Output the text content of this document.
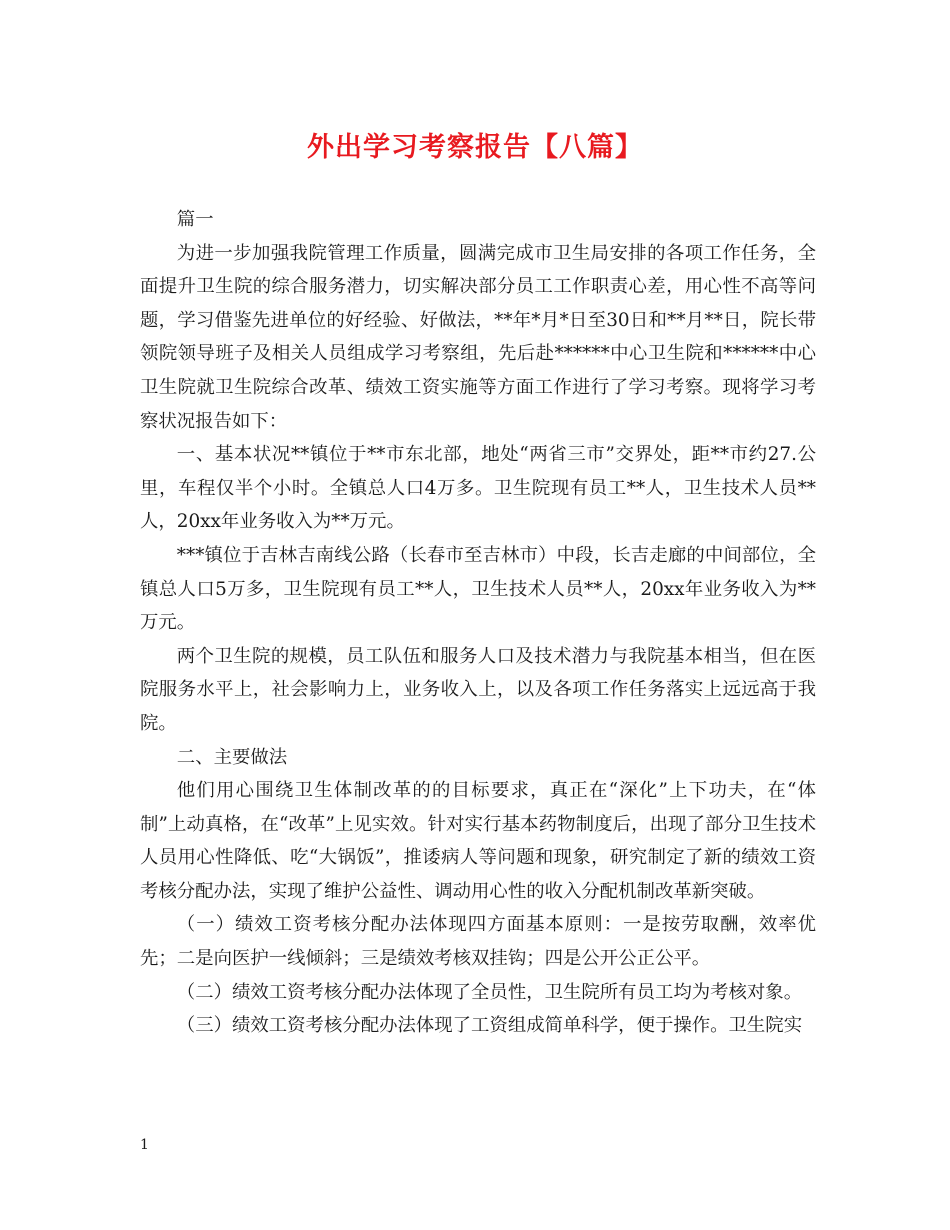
外出学习考察报告【八篇】

篇一

为进一步加强我院管理工作质量，圆满完成市卫生局安排的各项工作任务，全面提升卫生院的综合服务潜力，切实解决部分员工工作职责心差，用心性不高等问题，学习借鉴先进单位的好经验、好做法，**年*月*日至30日和**月**日，院长带领院领导班子及相关人员组成学习考察组，先后赴******中心卫生院和******中心卫生院就卫生院综合改革、绩效工资实施等方面工作进行了学习考察。现将学习考察状况报告如下：

一、基本状况**镇位于**市东北部，地处“两省三市”交界处，距**市约27.公里，车程仅半个小时。全镇总人口4万多。卫生院现有员工**人，卫生技术人员**人，20xx年业务收入为**万元。

***镇位于吉林吉南线公路（长春市至吉林市）中段，长吉走廊的中间部位，全镇总人口5万多，卫生院现有员工**人，卫生技术人员**人，20xx年业务收入为**万元。

两个卫生院的规模，员工队伍和服务人口及技术潜力与我院基本相当，但在医院服务水平上，社会影响力上，业务收入上，以及各项工作任务落实上远远高于我院。

二、主要做法

他们用心围绕卫生体制改革的的目标要求，真正在“深化”上下功夫，在“体制”上动真格，在“改革”上见实效。针对实行基本药物制度后，出现了部分卫生技术人员用心性降低、吃“大锅饭”，推诿病人等问题和现象，研究制定了新的绩效工资考核分配办法，实现了维护公益性、调动用心性的收入分配机制改革新突破。

（一）绩效工资考核分配办法体现四方面基本原则：一是按劳取酬，效率优先；二是向医护一线倾斜；三是绩效考核双挂钩；四是公开公正公平。

（二）绩效工资考核分配办法体现了全员性，卫生院所有员工均为考核对象。

（三）绩效工资考核分配办法体现了工资组成简单科学，便于操作。卫生院实

1
